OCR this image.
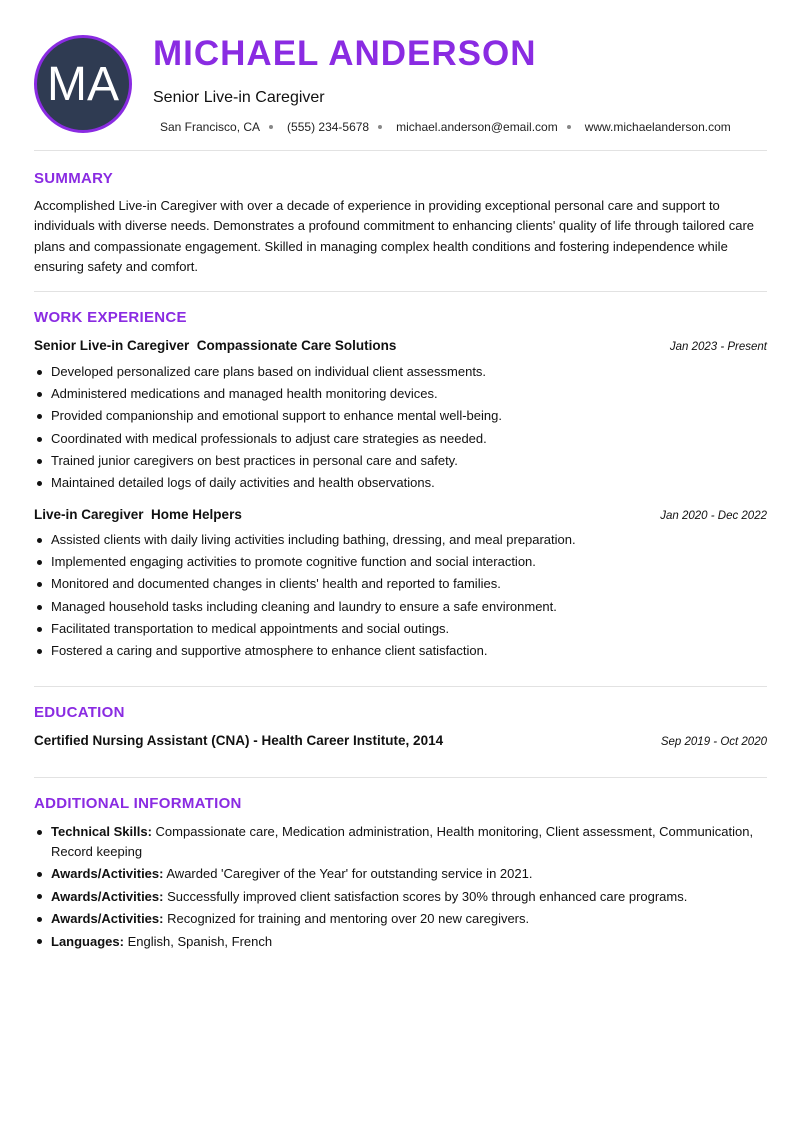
MA
MICHAEL ANDERSON
Senior Live-in Caregiver
San Francisco, CA (555) 234-5678 michael.anderson@email.com www.michaelanderson.com
SUMMARY
Accomplished Live-in Caregiver with over a decade of experience in providing exceptional personal care and support to individuals with diverse needs. Demonstrates a profound commitment to enhancing clients' quality of life through tailored care plans and compassionate engagement. Skilled in managing complex health conditions and fostering independence while ensuring safety and comfort.
WORK EXPERIENCE
Senior Live-in Caregiver  Compassionate Care Solutions	Jan 2023 - Present
Developed personalized care plans based on individual client assessments.
Administered medications and managed health monitoring devices.
Provided companionship and emotional support to enhance mental well-being.
Coordinated with medical professionals to adjust care strategies as needed.
Trained junior caregivers on best practices in personal care and safety.
Maintained detailed logs of daily activities and health observations.
Live-in Caregiver  Home Helpers	Jan 2020 - Dec 2022
Assisted clients with daily living activities including bathing, dressing, and meal preparation.
Implemented engaging activities to promote cognitive function and social interaction.
Monitored and documented changes in clients' health and reported to families.
Managed household tasks including cleaning and laundry to ensure a safe environment.
Facilitated transportation to medical appointments and social outings.
Fostered a caring and supportive atmosphere to enhance client satisfaction.
EDUCATION
Certified Nursing Assistant (CNA) - Health Career Institute, 2014	Sep 2019 - Oct 2020
ADDITIONAL INFORMATION
Technical Skills: Compassionate care, Medication administration, Health monitoring, Client assessment, Communication, Record keeping
Awards/Activities: Awarded 'Caregiver of the Year' for outstanding service in 2021.
Awards/Activities: Successfully improved client satisfaction scores by 30% through enhanced care programs.
Awards/Activities: Recognized for training and mentoring over 20 new caregivers.
Languages: English, Spanish, French
